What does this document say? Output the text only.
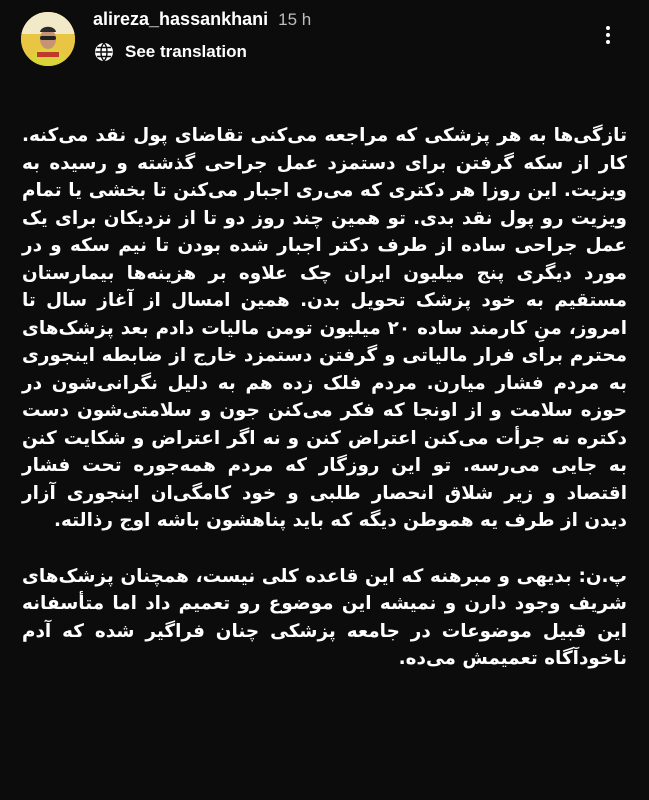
alireza_hassankhani 15 h
See translation

تازگی‌ها به هر پزشکی که مراجعه می‌کنی تقاضای پول نقد می‌کنه. کار از سکه گرفتن برای دستمزد عمل جراحی گذشته و رسیده به ویزیت. این روزا هر دکتری که می‌ری اجبار می‌کنن تا بخشی یا تمام ویزیت رو پول نقد بدی. تو همین چند روز دو تا از نزدیکان برای یک عمل جراحی ساده از طرف دکتر اجبار شده بودن تا نیم سکه و در مورد دیگری پنج میلیون ایران چک علاوه بر هزینه‌ها بیمارستان مستقیم به خود پزشک تحویل بدن. همین امسال از آغاز سال تا امروز، منِ کارمند ساده ۲۰ میلیون تومن مالیات دادم بعد پزشک‌های محترم برای فرار مالیاتی و گرفتن دستمزد خارج از ضابطه اینجوری به مردم فشار میارن. مردم فلک زده هم به دلیل نگرانی‌شون در حوزه سلامت و از اونجا که فکر می‌کنن جون و سلامتی‌شون دست دکتره نه جرأت می‌کنن اعتراض کنن و نه اگر اعتراض و شکایت کنن به جایی می‌رسه. تو این روزگار که مردم همه‌جوره تحت فشار اقتصاد و زیر شلاق انحصار طلبی و خود کامگی‌ان اینجوری آزار دیدن از طرف یه هموطن دیگه که باید پناهشون باشه اوج رذالته.

پ.ن: بدیهی و مبرهنه که این قاعده کلی نیست، همچنان پزشک‌های شریف وجود دارن و نمیشه این موضوع رو تعمیم داد اما متأسفانه این قبیل موضوعات در جامعه پزشکی چنان فراگیر شده که آدم ناخودآگاه تعمیمش می‌ده.
